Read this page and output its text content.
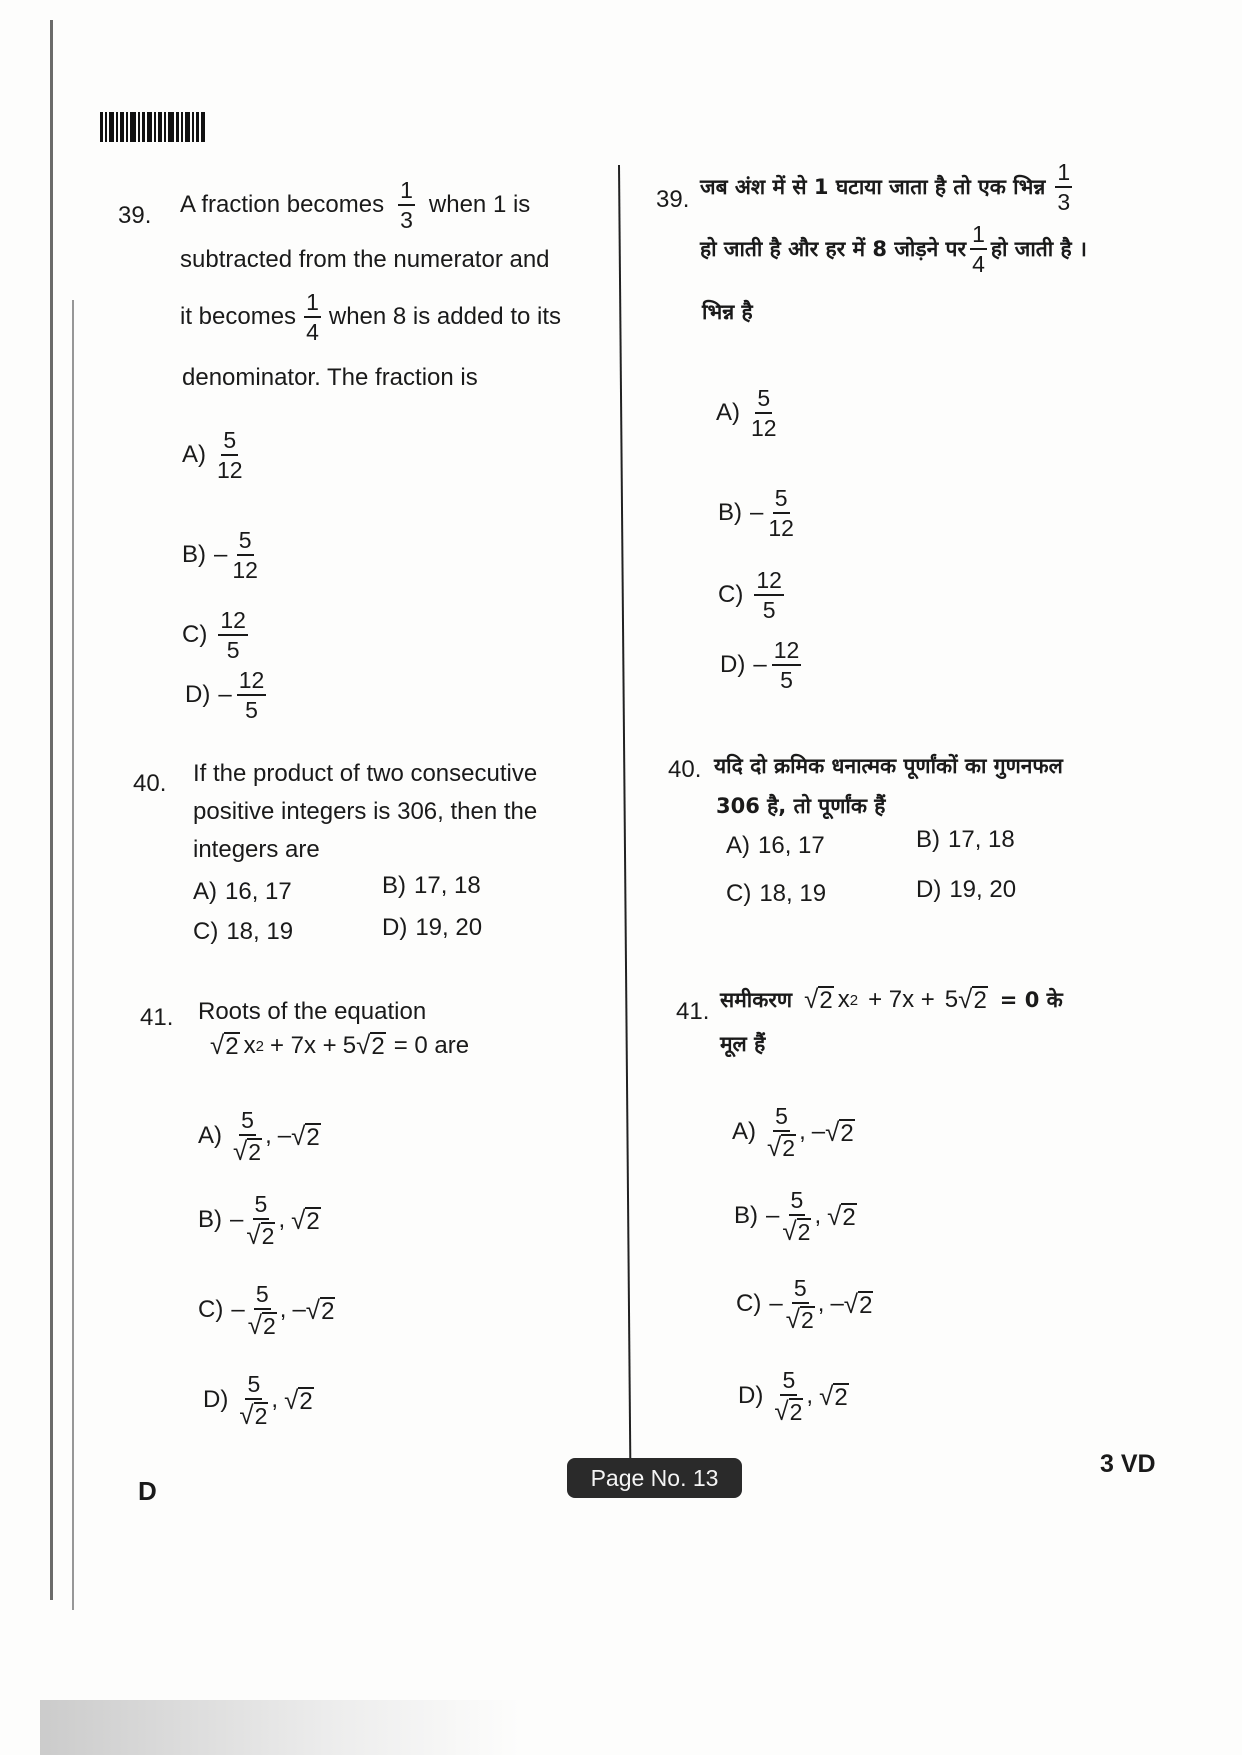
39. A fraction becomes $\frac{1}{3}$ when 1 is
subtracted from the numerator and
it becomes $\frac{1}{4}$ when 8 is added to its
denominator. The fraction is
$A) \frac{5}{12}$
$B) - \frac{5}{12}$
$C) \frac{12}{5}$
$D) - \frac{12}{5}$
40. If the product of two consecutive
positive integers is 306, then the
integers are
A) 16, 17	B) 17, 18
C) 18, 19	D) 19, 20
41. Roots of the equation
√ 2 x 2 + 7x + 5 √ 2 = 0 are
$A) \frac{5}{√ 2}$ , – √ 2
$B) - \frac{5}{√ 2}$ , √ 2
$C) - \frac{5}{√ 2}$ , – √ 2
$D) \frac{5}{√ 2}$ , √ 2
39. जब अंश में से 1 घटाया जाता है तो एक भिन्न $\frac{1}{3}$
हो जाती है और हर में 8 जोड़ने पर $\frac{1}{4}$ हो जाती है ।
भिन्न है
$A) \frac{5}{12}$
$B) - \frac{5}{12}$
$C) \frac{12}{5}$
$D) - \frac{12}{5}$
40. यदि दो क्रमिक धनात्मक पूर्णांकों का गुणनफल
306 है, तो पूर्णांक हैं
A) 16, 17	B) 17, 18
C) 18, 19	D) 19, 20
41. समीकरण √ 2 x 2 + 7x + 5 √ 2 = 0 के
मूल हैं
$A) \frac{5}{√ 2}$ , – √ 2
$B) - \frac{5}{√ 2}$ , √ 2
$C) - \frac{5}{√ 2}$ , – √ 2
$D) \frac{5}{√ 2}$ , √ 2
D	Page No. 13	3 VD
